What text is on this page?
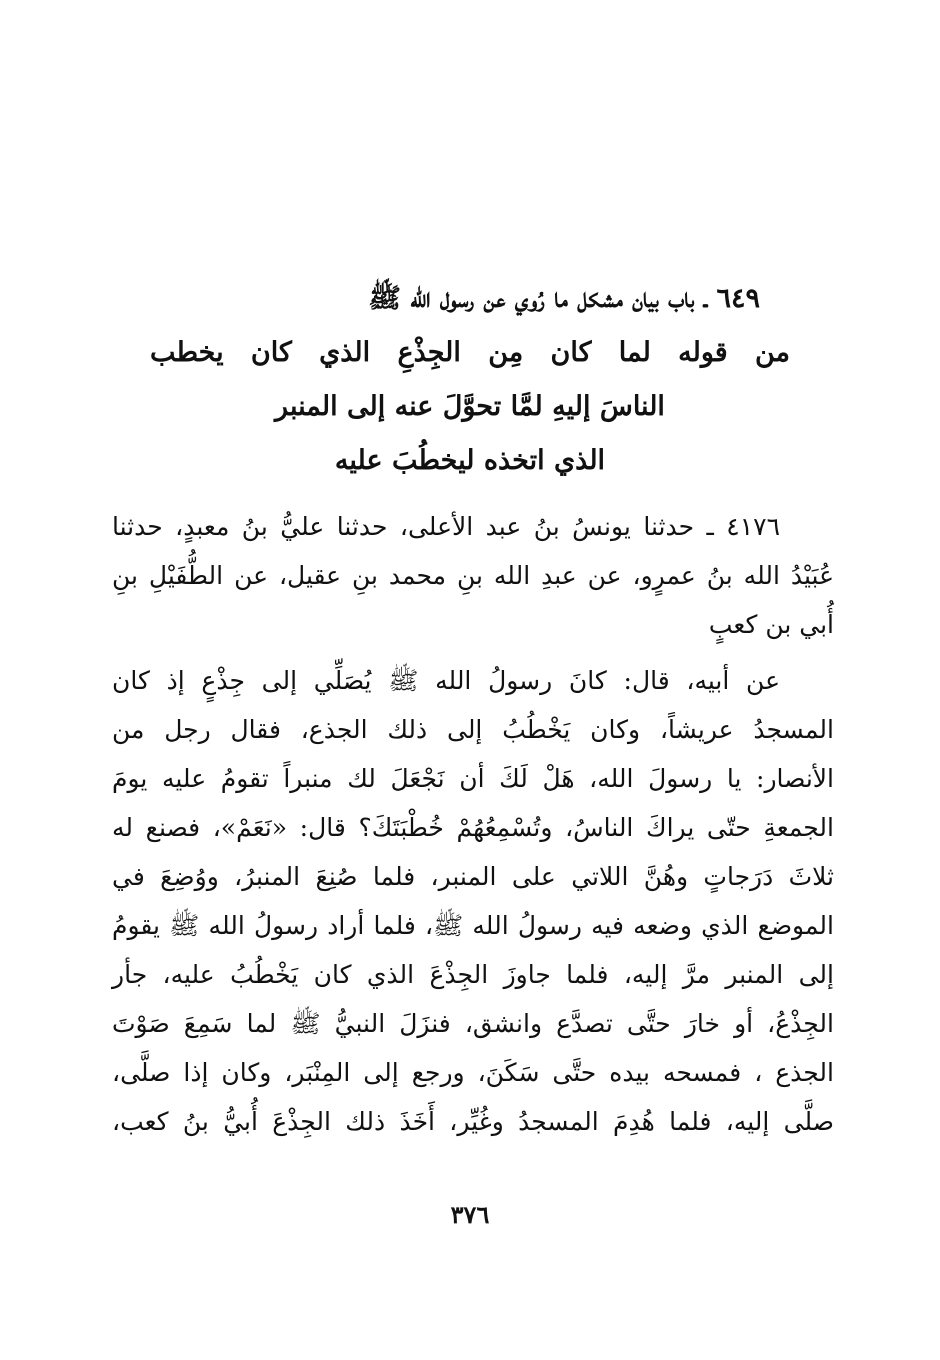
٦٤٩ ـ باب بيان مشكل ما رُوي عن رسول الله ﷺ
من قوله لما كان مِن الجِذْعِ الذي كان يخطب
الناسَ إليهِ لمَّا تحوَّلَ عنه إلى المنبر
الذي اتخذه ليخطُبَ عليه
٤١٧٦ ـ حدثنا يونسُ بنُ عبد الأعلى، حدثنا عليُّ بنُ معبدٍ، حدثنا
عُبَيْدُ الله بنُ عمرٍو، عن عبدِ الله بنِ محمد بنِ عقيل، عن الطُّفَيْلِ بنِ
أُبي بن كعبٍ
عن أبيه، قال: كانَ رسولُ الله ﷺ يُصَلِّي إلى جِذْعٍ إذ كان
المسجدُ عريشاً، وكان يَخْطُبُ إلى ذلك الجذع، فقال رجل من
الأنصار: يا رسولَ الله، هَلْ لَكَ أن نَجْعَلَ لك منبراً تقومُ عليه يومَ
الجمعةِ حتّى يراكَ الناسُ، وتُسْمِعُهُمْ خُطْبَتَكَ؟ قال: «نَعَمْ»، فصنع له
ثلاثَ دَرَجاتٍ وهُنَّ اللاتي على المنبر، فلما صُنِعَ المنبرُ، ووُضِعَ في
الموضع الذي وضعه فيه رسولُ الله ﷺ، فلما أراد رسولُ الله ﷺ يقومُ
إلى المنبر مرَّ إليه، فلما جاوزَ الجِذْعَ الذي كان يَخْطُبُ عليه، جأر
الجِذْعُ، أو خارَ حتَّى تصدَّع وانشق، فنزَلَ النبيُّ ﷺ لما سَمِعَ صَوْتَ
الجذع ، فمسحه بيده حتَّى سَكَنَ، ورجع إلى المِنْبَر، وكان إذا صلَّى،
صلَّى إليه، فلما هُدِمَ المسجدُ وغُيِّر، أَخَذَ ذلك الجِذْعَ أُبيُّ بنُ كعب،
٣٧٦
